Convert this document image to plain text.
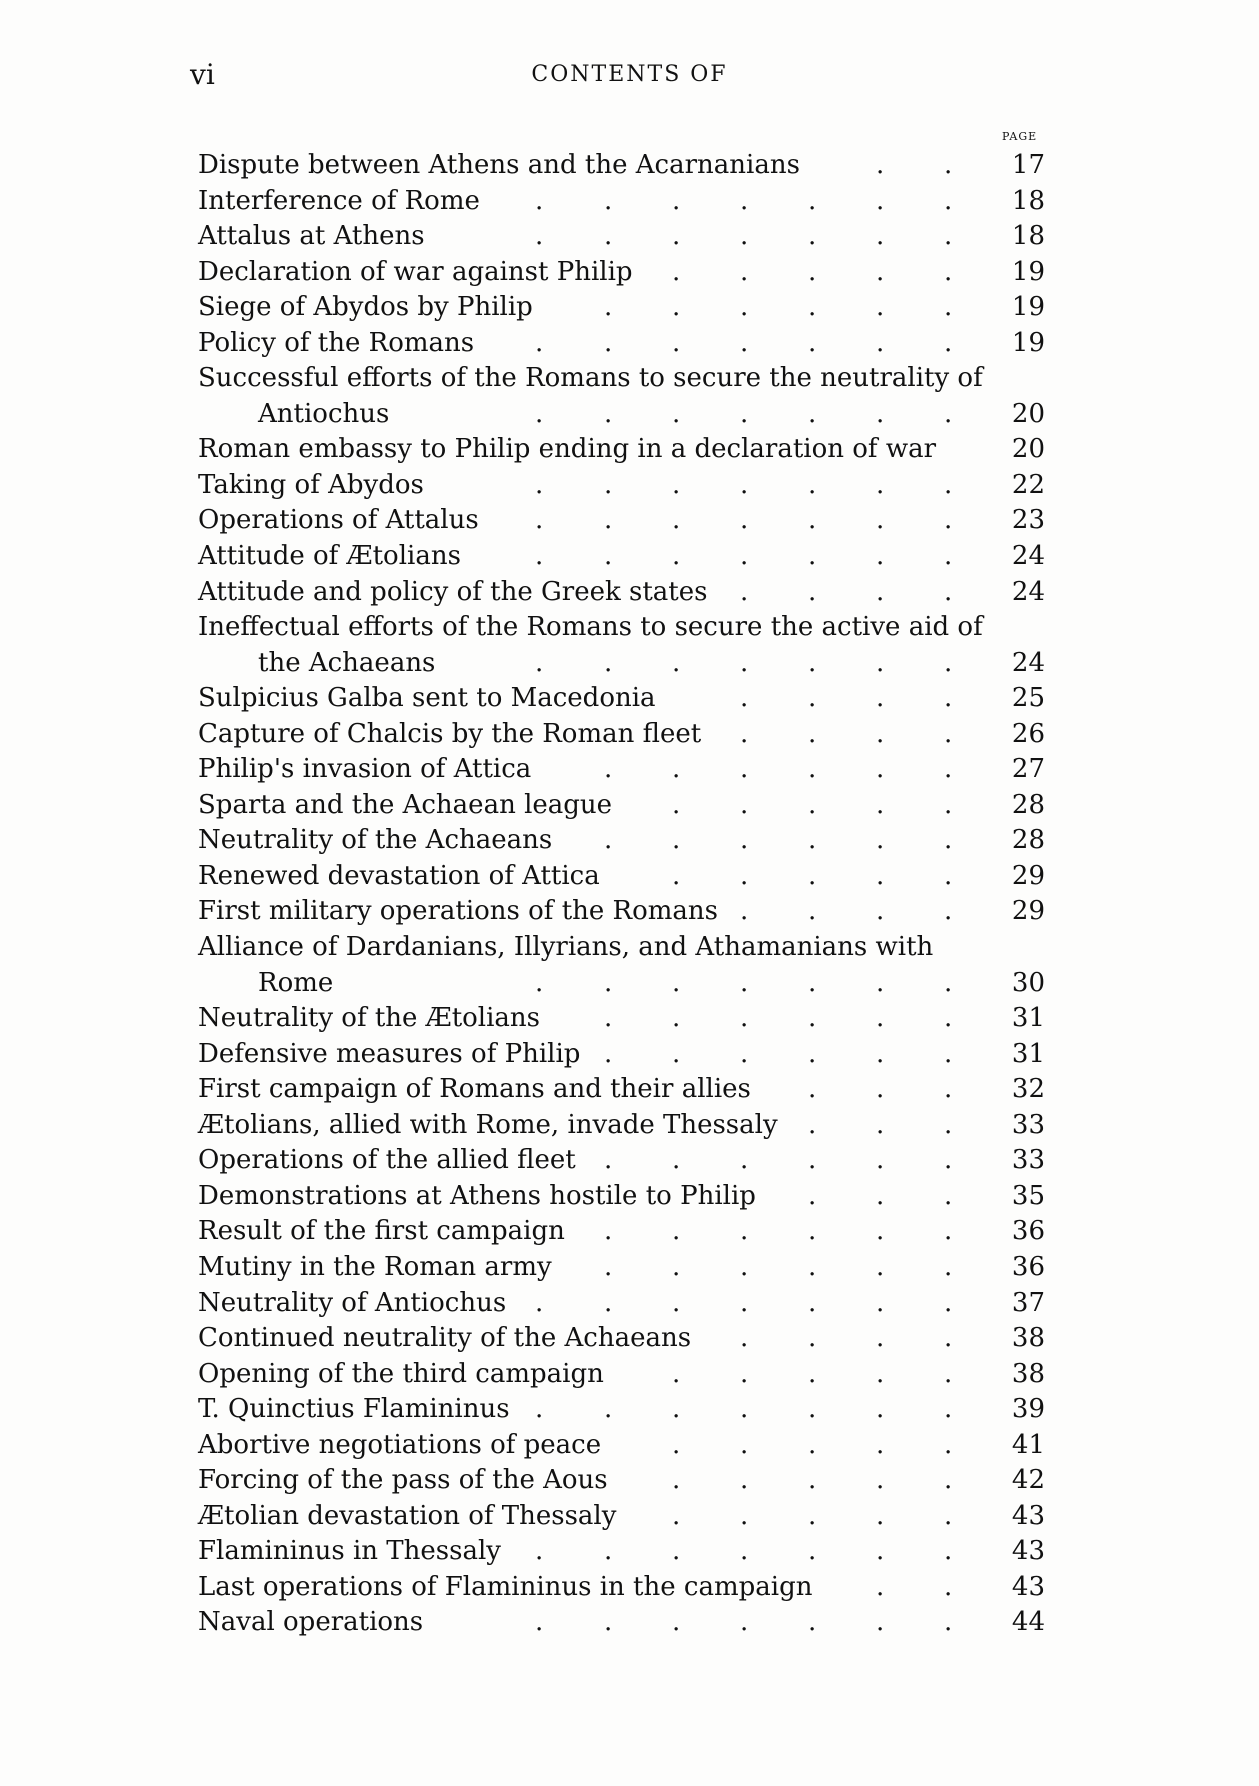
vi	CONTENTS OF
PAGE
Dispute between Athens and the Acarnanians	17
. .
Interference of Rome	18
. . . . . . .
Attalus at Athens	18
. . . . . . .
Declaration of war against Philip	19
. . . . .
Siege of Abydos by Philip	19
. . . . . .
Policy of the Romans	19
. . . . . . .
Successful efforts of the Romans to secure the neutrality of
Antiochus	20
. . . . . . .
Roman embassy to Philip ending in a declaration of war	20
Taking of Abydos	22
. . . . . . .
Operations of Attalus	23
. . . . . . .
Attitude of Ætolians	24
. . . . . . .
Attitude and policy of the Greek states	24
. . . .
Ineffectual efforts of the Romans to secure the active aid of
the Achaeans	24
. . . . . . .
Sulpicius Galba sent to Macedonia	25
. . . .
Capture of Chalcis by the Roman fleet	26
. . . .
Philip's invasion of Attica	27
. . . . . .
Sparta and the Achaean league	28
. . . . .
Neutrality of the Achaeans	28
. . . . . .
Renewed devastation of Attica	29
. . . . .
First military operations of the Romans	29
. . . .
Alliance of Dardanians, Illyrians, and Athamanians with
Rome	30
. . . . . . .
Neutrality of the Ætolians	31
. . . . . .
Defensive measures of Philip	31
. . . . . .
First campaign of Romans and their allies	32
. . .
Ætolians, allied with Rome, invade Thessaly	33
. . .
Operations of the allied fleet	33
. . . . . .
Demonstrations at Athens hostile to Philip	35
. . .
Result of the first campaign	36
. . . . . .
Mutiny in the Roman army	36
. . . . . .
Neutrality of Antiochus	37
. . . . . . .
Continued neutrality of the Achaeans	38
. . . .
Opening of the third campaign	38
. . . . .
T. Quinctius Flamininus	39
. . . . . . .
Abortive negotiations of peace	41
. . . . .
Forcing of the pass of the Aous	42
. . . . .
Ætolian devastation of Thessaly	43
. . . . .
Flamininus in Thessaly	43
. . . . . . .
Last operations of Flamininus in the campaign	43
. .
Naval operations	44
. . . . . . .
